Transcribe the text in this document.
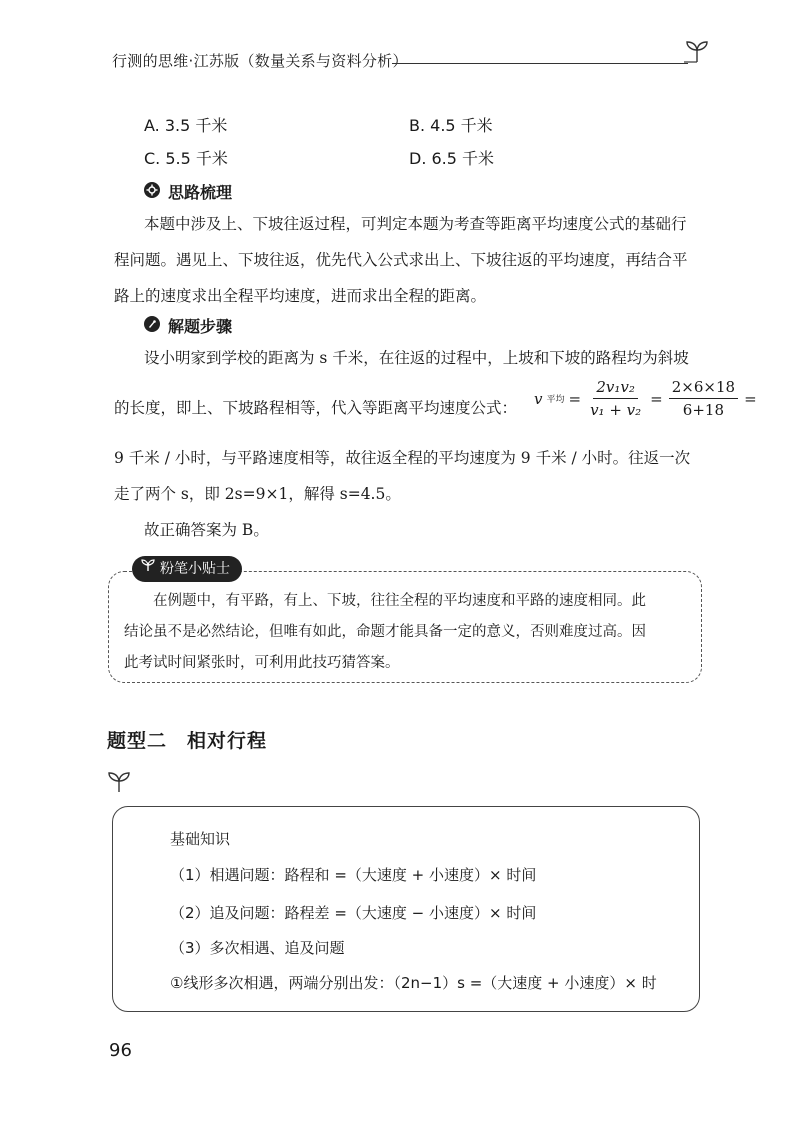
行测的思维·江苏版（数量关系与资料分析）
A. 3.5 千米	B. 4.5 千米
C. 5.5 千米	D. 6.5 千米
思路梳理
本题中涉及上、下坡往返过程，可判定本题为考查等距离平均速度公式的基础行
程问题。遇见上、下坡往返，优先代入公式求出上、下坡往返的平均速度，再结合平
路上的速度求出全程平均速度，进而求出全程的距离。
解题步骤
设小明家到学校的距离为 s 千米，在往返的过程中，上坡和下坡的路程均为斜坡
的长度，即上、下坡路程相等，代入等距离平均速度公式：
v 平均 = $\frac{\text{2v₁v₂}}{\text{v₁ + v₂}} = \frac{2\times 6\times 18}{6+18}$ =
9 千米 / 小时，与平路速度相等，故往返全程的平均速度为 9 千米 / 小时。往返一次
走了两个 s，即 2s=9×1，解得 s=4.5。
故正确答案为 B。
粉笔小贴士
在例题中，有平路，有上、下坡，往往全程的平均速度和平路的速度相同。此
结论虽不是必然结论，但唯有如此，命题才能具备一定的意义，否则难度过高。因
此考试时间紧张时，可利用此技巧猜答案。
题型二　相对行程
基础知识
（1）相遇问题：路程和 =（大速度 + 小速度）× 时间
（2）追及问题：路程差 =（大速度 − 小速度）× 时间
（3）多次相遇、追及问题
①线形多次相遇，两端分别出发：（2n−1）s =（大速度 + 小速度）× 时
96
